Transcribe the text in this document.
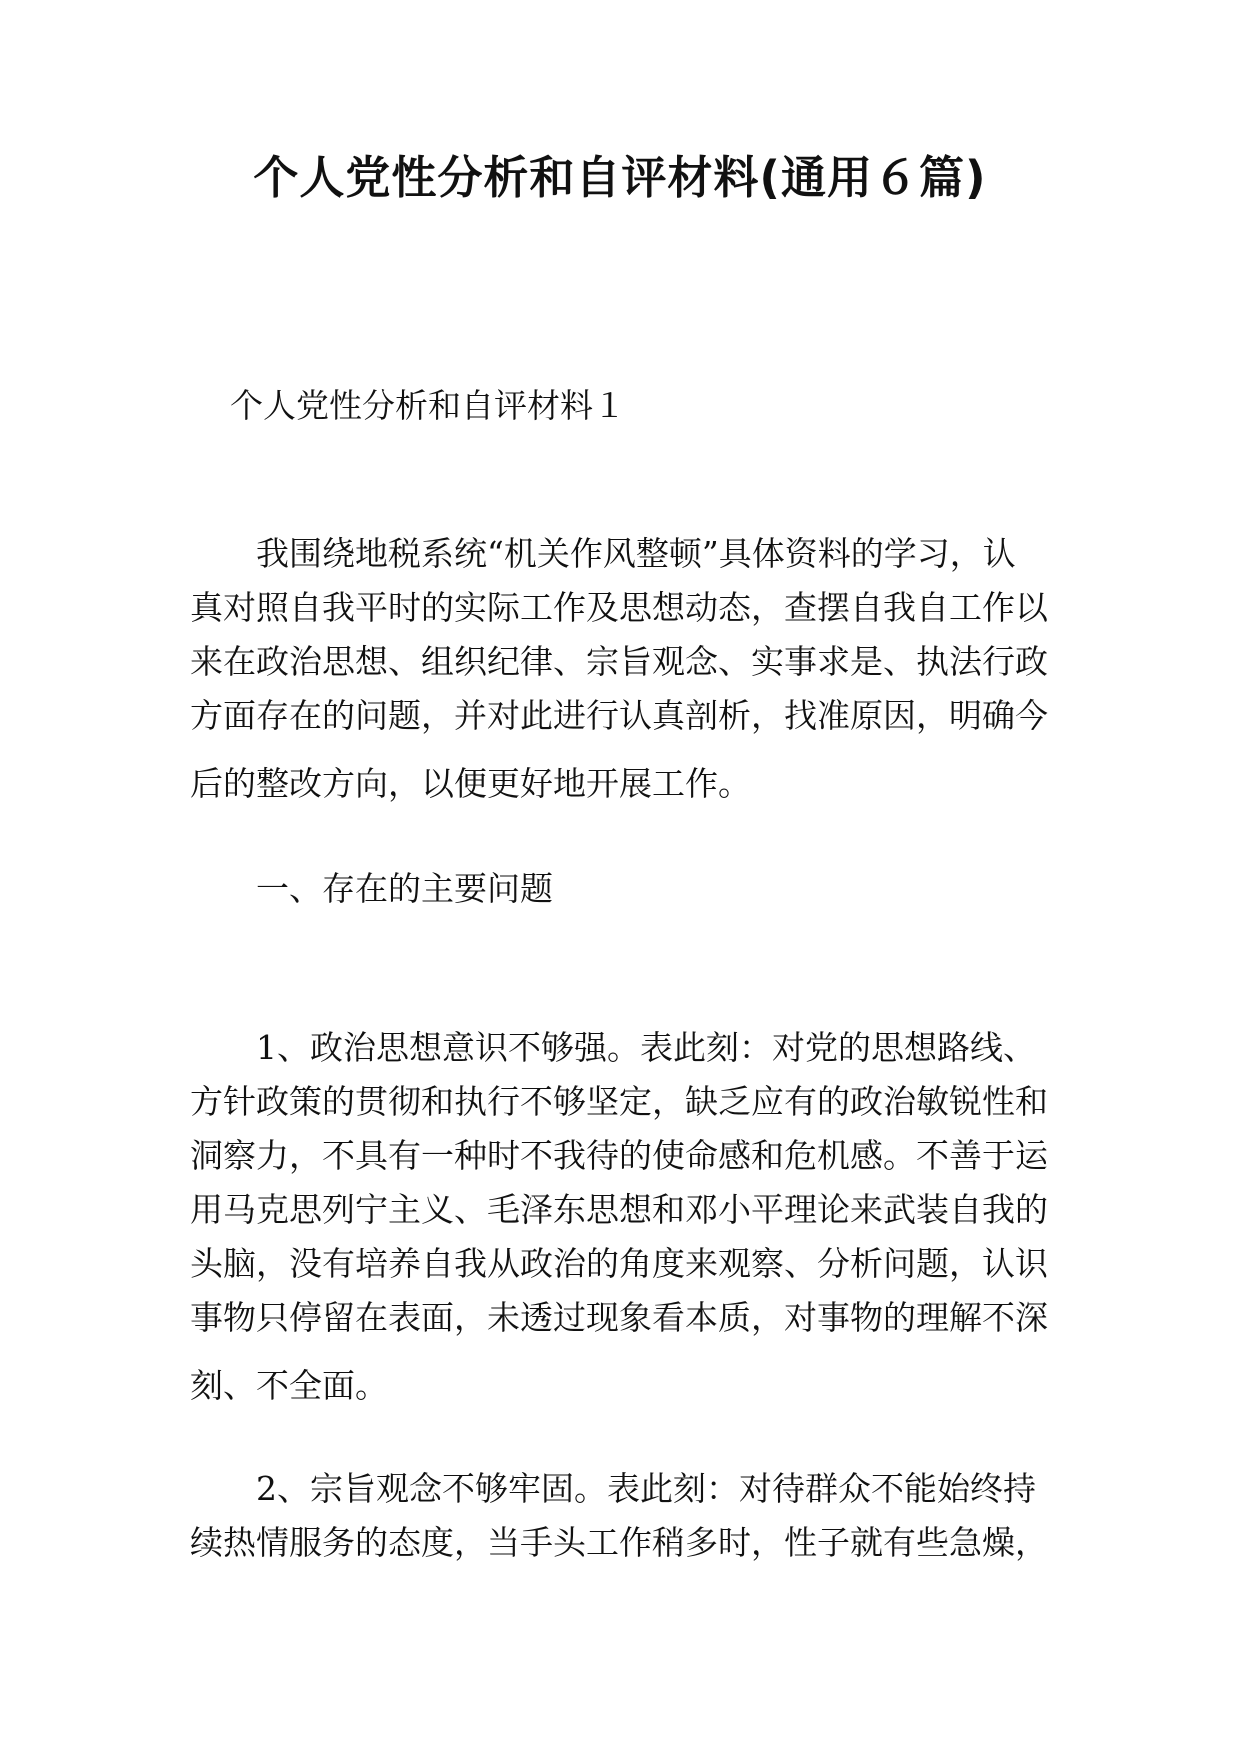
个人党性分析和自评材料(通用６篇)
个人党性分析和自评材料１
我围绕地税系统“机关作风整顿”具体资料的学习，认
真对照自我平时的实际工作及思想动态，查摆自我自工作以
来在政治思想、组织纪律、宗旨观念、实事求是、执法行政
方面存在的问题，并对此进行认真剖析，找准原因，明确今
后的整改方向，以便更好地开展工作。
一、存在的主要问题
1、政治思想意识不够强。表此刻：对党的思想路线、
方针政策的贯彻和执行不够坚定，缺乏应有的政治敏锐性和
洞察力，不具有一种时不我待的使命感和危机感。不善于运
用马克思列宁主义、毛泽东思想和邓小平理论来武装自我的
头脑，没有培养自我从政治的角度来观察、分析问题，认识
事物只停留在表面，未透过现象看本质，对事物的理解不深
刻、不全面。
2、宗旨观念不够牢固。表此刻：对待群众不能始终持
续热情服务的态度，当手头工作稍多时，性子就有些急燥，
